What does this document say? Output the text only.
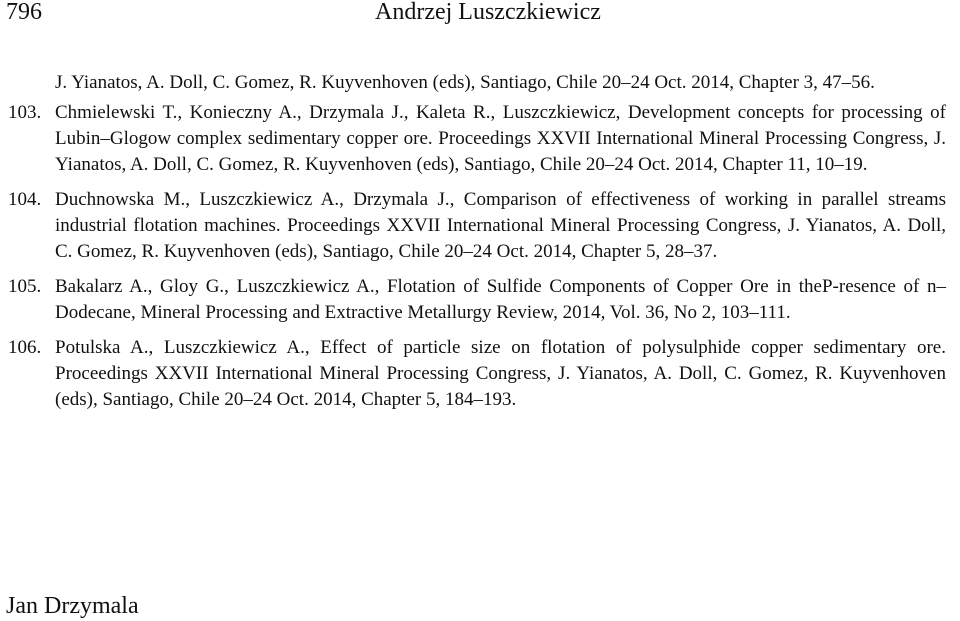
796	Andrzej Luszczkiewicz
J. Yianatos, A. Doll, C. Gomez, R. Kuyvenhoven (eds), Santiago, Chile 20–24 Oct. 2014, Chapter 3, 47–56.
103. Chmielewski T., Konieczny A., Drzymala J., Kaleta R., Luszczkiewicz, Development concepts for processing of Lubin–Glogow complex sedimentary copper ore. Proceedings XXVII International Mineral Processing Congress, J. Yianatos, A. Doll, C. Gomez, R. Kuyvenhoven (eds), Santiago, Chile 20–24 Oct. 2014, Chapter 11, 10–19.
104. Duchnowska M., Luszczkiewicz A., Drzymala J., Comparison of effectiveness of working in parallel streams industrial flotation machines. Proceedings XXVII International Mineral Processing Congress, J. Yianatos, A. Doll, C. Gomez, R. Kuyvenhoven (eds), Santiago, Chile 20–24 Oct. 2014, Chapter 5, 28–37.
105. Bakalarz A., Gloy G., Luszczkiewicz A., Flotation of Sulfide Components of Copper Ore in theP-resence of n–Dodecane, Mineral Processing and Extractive Metallurgy Review, 2014, Vol. 36, No 2, 103–111.
106. Potulska A., Luszczkiewicz A., Effect of particle size on flotation of polysulphide copper sedimentary ore. Proceedings XXVII International Mineral Processing Congress, J. Yianatos, A. Doll, C. Gomez, R. Kuyvenhoven (eds), Santiago, Chile 20–24 Oct. 2014, Chapter 5, 184–193.
Jan Drzymala
